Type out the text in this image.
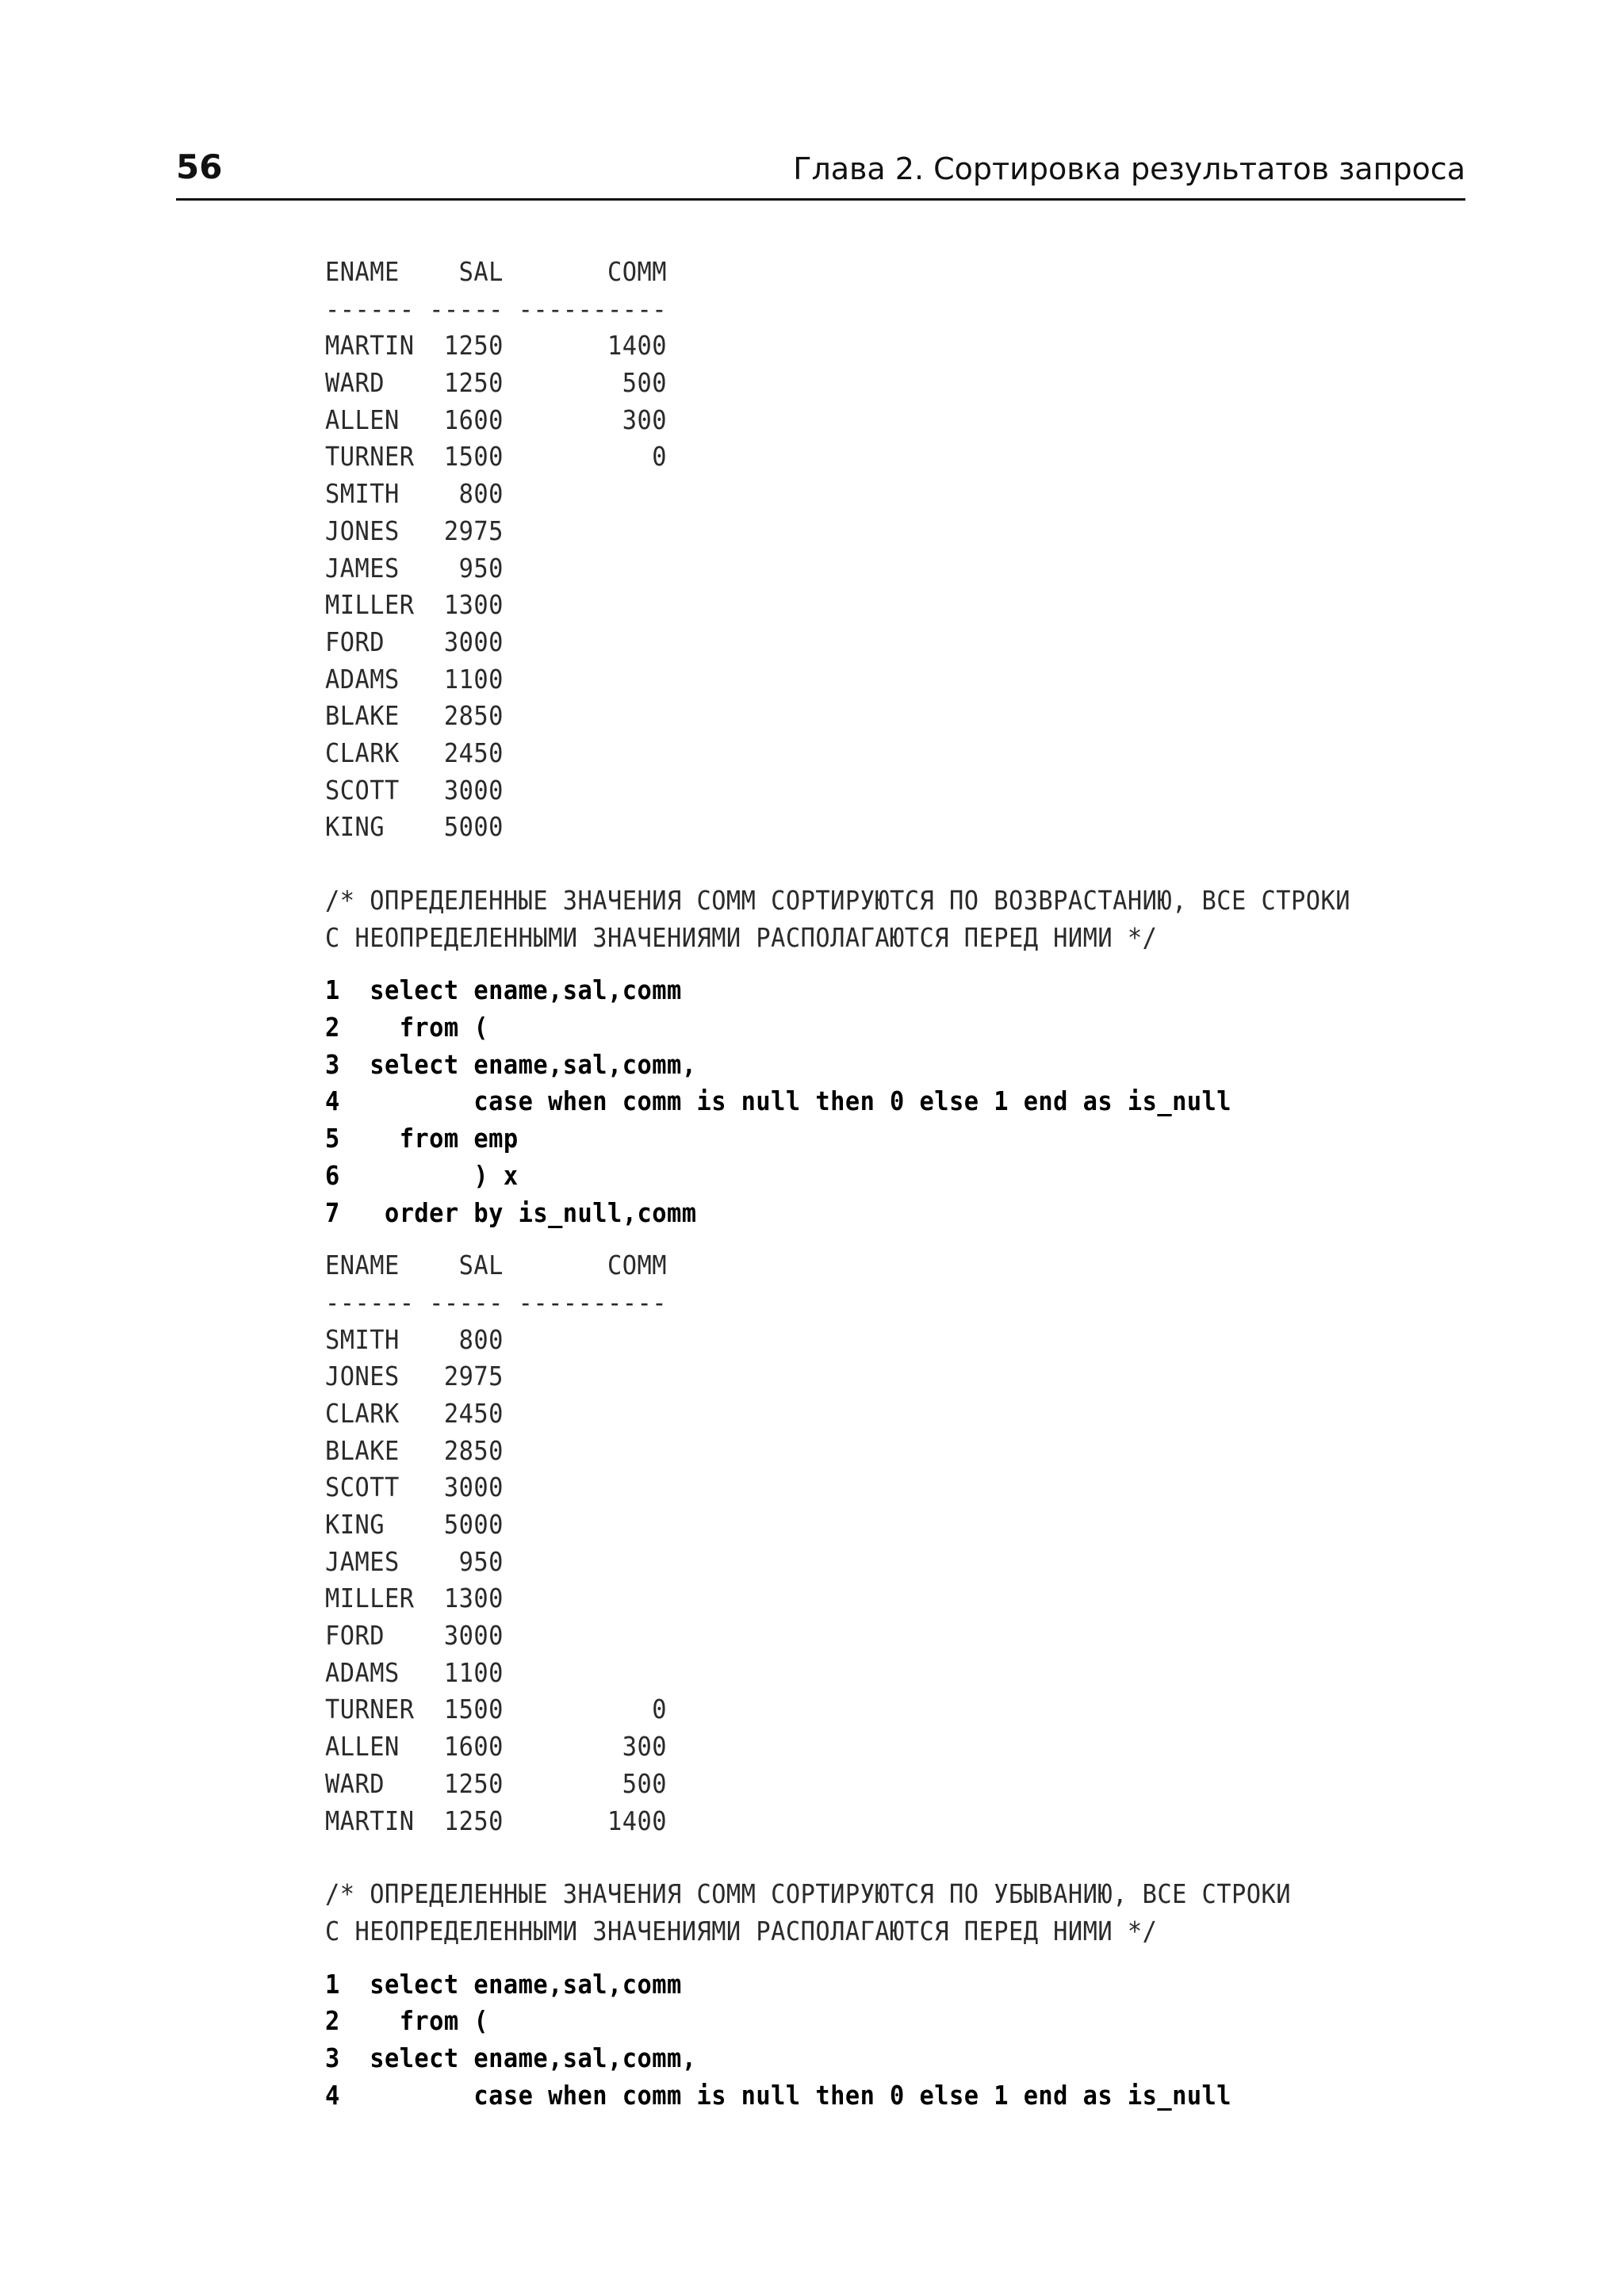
56	Глава 2. Сортировка результатов запроса
ENAME    SAL       COMM
------ ----- ----------
MARTIN  1250       1400
WARD    1250        500
ALLEN   1600        300
TURNER  1500          0
SMITH    800
JONES   2975
JAMES    950
MILLER  1300
FORD    3000
ADAMS   1100
BLAKE   2850
CLARK   2450
SCOTT   3000
KING    5000
/* ОПРЕДЕЛЕННЫЕ ЗНАЧЕНИЯ COMM СОРТИРУЮТСЯ ПО ВОЗВРАСТАНИЮ, ВСЕ СТРОКИ
С НЕОПРЕДЕЛЕННЫМИ ЗНАЧЕНИЯМИ РАСПОЛАГАЮТСЯ ПЕРЕД НИМИ */
1  select ename,sal,comm
2    from (
3  select ename,sal,comm,
4         case when comm is null then 0 else 1 end as is_null
5    from emp
6         ) x
7   order by is_null,comm
ENAME    SAL       COMM
------ ----- ----------
SMITH    800
JONES   2975
CLARK   2450
BLAKE   2850
SCOTT   3000
KING    5000
JAMES    950
MILLER  1300
FORD    3000
ADAMS   1100
TURNER  1500          0
ALLEN   1600        300
WARD    1250        500
MARTIN  1250       1400
/* ОПРЕДЕЛЕННЫЕ ЗНАЧЕНИЯ COMM СОРТИРУЮТСЯ ПО УБЫВАНИЮ, ВСЕ СТРОКИ
С НЕОПРЕДЕЛЕННЫМИ ЗНАЧЕНИЯМИ РАСПОЛАГАЮТСЯ ПЕРЕД НИМИ */
1  select ename,sal,comm
2    from (
3  select ename,sal,comm,
4         case when comm is null then 0 else 1 end as is_null
